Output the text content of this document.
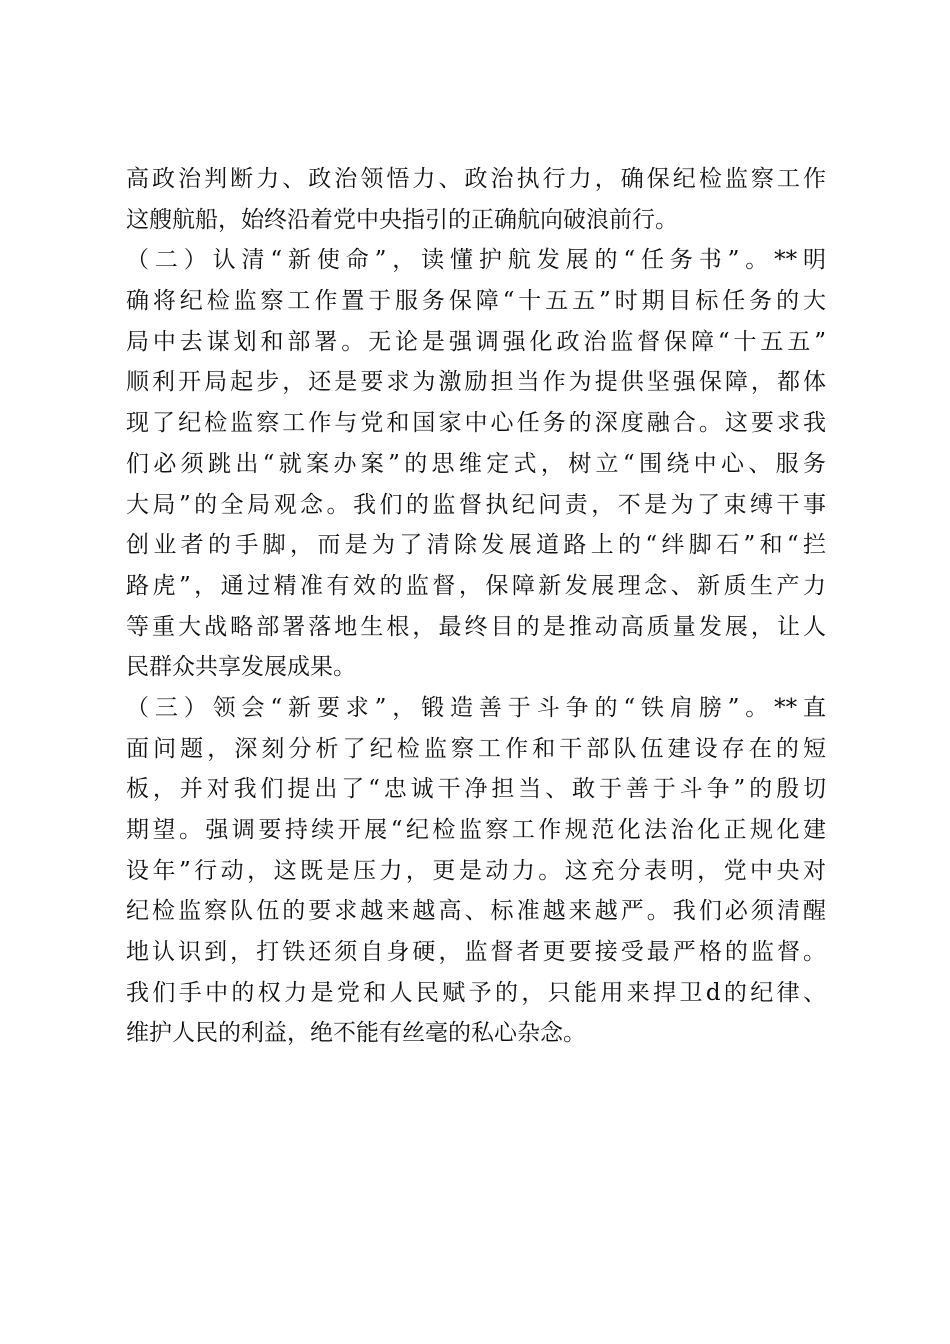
高政治判断力、政治领悟力、政治执行力，确保纪检监察工作
这艘航船，始终沿着党中央指引的正确航向破浪前行。
（二）认清“新使命”，读懂护航发展的“任务书”。**明
确将纪检监察工作置于服务保障“十五五”时期目标任务的大
局中去谋划和部署。无论是强调强化政治监督保障“十五五”
顺利开局起步，还是要求为激励担当作为提供坚强保障，都体
现了纪检监察工作与党和国家中心任务的深度融合。这要求我
们必须跳出“就案办案”的思维定式，树立“围绕中心、服务
大局”的全局观念。我们的监督执纪问责，不是为了束缚干事
创业者的手脚，而是为了清除发展道路上的“绊脚石”和“拦
路虎”，通过精准有效的监督，保障新发展理念、新质生产力
等重大战略部署落地生根，最终目的是推动高质量发展，让人
民群众共享发展成果。
（三）领会“新要求”，锻造善于斗争的“铁肩膀”。**直
面问题，深刻分析了纪检监察工作和干部队伍建设存在的短
板，并对我们提出了“忠诚干净担当、敢于善于斗争”的殷切
期望。强调要持续开展“纪检监察工作规范化法治化正规化建
设年”行动，这既是压力，更是动力。这充分表明，党中央对
纪检监察队伍的要求越来越高、标准越来越严。我们必须清醒
地认识到，打铁还须自身硬，监督者更要接受最严格的监督。
我们手中的权力是党和人民赋予的，只能用来捍卫d的纪律、
维护人民的利益，绝不能有丝毫的私心杂念。
